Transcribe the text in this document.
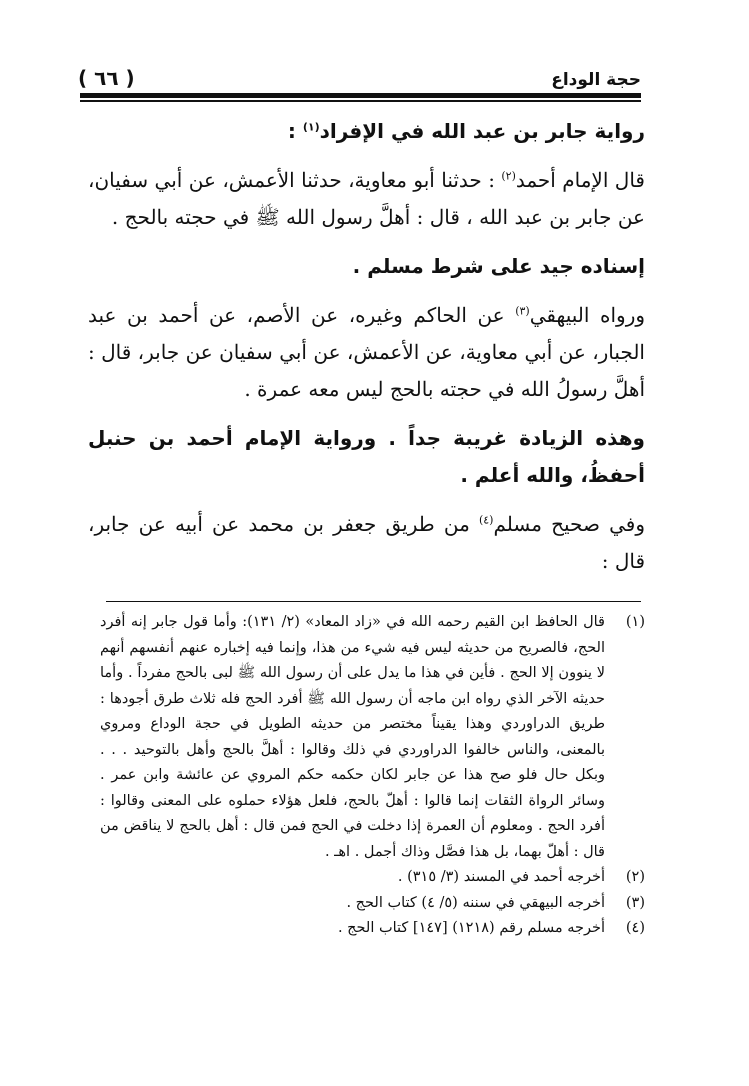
حجة الوداع
( ٦٦ )

رواية جابر بن عبد الله في الإفراد$^{(١)}$ :

قال الإمام أحمد$^{(٢)}$ : حدثنا أبو معاوية، حدثنا الأعمش، عن أبي سفيان، عن جابر بن عبد الله ، قال : أهلَّ رسول الله ﷺ في حجته بالحج .

إسناده جيد على شرط مسلم .

ورواه البيهقي$^{(٣)}$ عن الحاكم وغيره، عن الأصم، عن أحمد بن عبد الجبار، عن أبي معاوية، عن الأعمش، عن أبي سفيان عن جابر، قال : أهلَّ رسولُ الله في حجته بالحج ليس معه عمرة .

وهذه الزيادة غريبة جداً . ورواية الإمام أحمد بن حنبل أحفظُ، والله أعلم .

وفي صحيح مسلم$^{(٤)}$ من طريق جعفر بن محمد عن أبيه عن جابر، قال :

(١)
قال الحافظ ابن القيم رحمه الله في «زاد المعاد» (٢/ ١٣١): وأما قول جابر إنه أفرد الحج، فالصريح من حديثه ليس فيه شيء من هذا، وإنما فيه إخباره عنهم أنفسهم أنهم لا ينوون إلا الحج . فأين في هذا ما يدل على أن رسول الله ﷺ لبى بالحج مفرداً . وأما حديثه الآخر الذي رواه ابن ماجه أن رسول الله ﷺ أفرد الحج فله ثلاث طرق أجودها : طريق الدراوردي وهذا يقيناً مختصر من حديثه الطويل في حجة الوداع ومروي بالمعنى، والناس خالفوا الدراوردي في ذلك وقالوا : أهلَّ بالحج وأهل بالتوحيد . . . وبكل حال فلو صح هذا عن جابر لكان حكمه حكم المروي عن عائشة وابن عمر . وسائر الرواة الثقات إنما قالوا : أهلّ بالحج، فلعل هؤلاء حملوه على المعنى وقالوا : أفرد الحج . ومعلوم أن العمرة إذا دخلت في الحج فمن قال : أهل بالحج لا يناقض من قال : أهلّ بهما، بل هذا فصَّل وذاك أجمل . اهـ .
(٢)
أخرجه أحمد في المسند (٣/ ٣١٥) .
(٣)
أخرجه البيهقي في سننه (٥/ ٤) كتاب الحج .
(٤)
أخرجه مسلم رقم (١٢١٨) [١٤٧] كتاب الحج .
